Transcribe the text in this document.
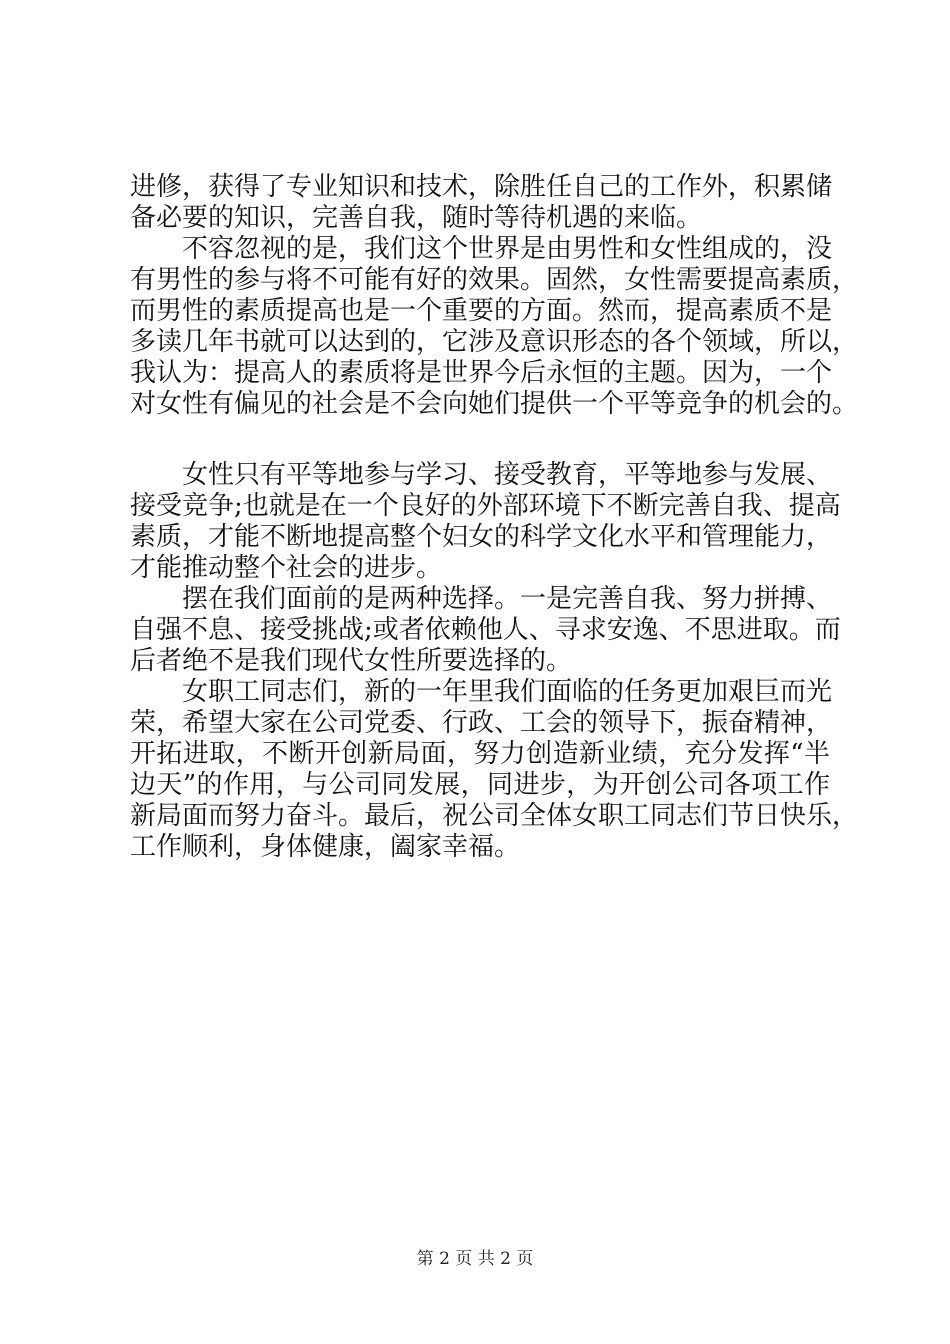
进修，获得了专业知识和技术，除胜任自己的工作外，积累储
备必要的知识，完善自我，随时等待机遇的来临。
不容忽视的是，我们这个世界是由男性和女性组成的，没
有男性的参与将不可能有好的效果。固然，女性需要提高素质，
而男性的素质提高也是一个重要的方面。然而，提高素质不是
多读几年书就可以达到的，它涉及意识形态的各个领域，所以，
我认为：提高人的素质将是世界今后永恒的主题。因为，一个
对女性有偏见的社会是不会向她们提供一个平等竞争的机会的。
女性只有平等地参与学习、接受教育，平等地参与发展、
接受竞争;也就是在一个良好的外部环境下不断完善自我、提高
素质，才能不断地提高整个妇女的科学文化水平和管理能力，
才能推动整个社会的进步。
摆在我们面前的是两种选择。一是完善自我、努力拼搏、
自强不息、接受挑战;或者依赖他人、寻求安逸、不思进取。而
后者绝不是我们现代女性所要选择的。
女职工同志们，新的一年里我们面临的任务更加艰巨而光
荣，希望大家在公司党委、行政、工会的领导下，振奋精神，
开拓进取，不断开创新局面，努力创造新业绩，充分发挥“半
边天”的作用，与公司同发展，同进步，为开创公司各项工作
新局面而努力奋斗。最后，祝公司全体女职工同志们节日快乐，
工作顺利，身体健康，阖家幸福。
第 2 页 共 2 页
